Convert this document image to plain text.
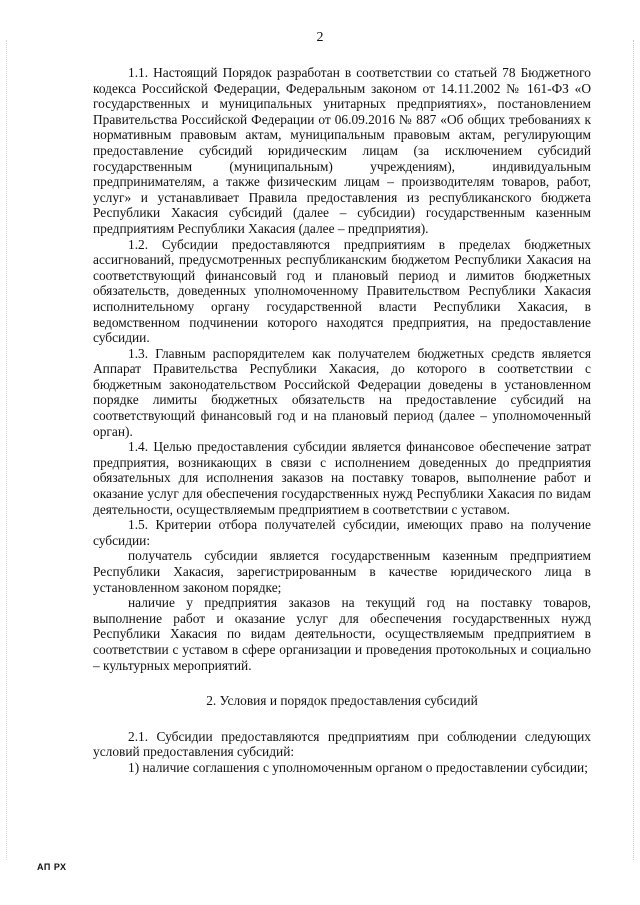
2

1.1. Настоящий Порядок разработан в соответствии со статьей 78 Бюджетного кодекса Российской Федерации, Федеральным законом от 14.11.2002 № 161-ФЗ «О государственных и муниципальных унитарных предприятиях», постановлением Правительства Российской Федерации от 06.09.2016 № 887 «Об общих требованиях к нормативным правовым актам, муниципальным правовым актам, регулирующим предоставление субсидий юридическим лицам (за исключением субсидий государственным (муниципальным) учреждениям), индивидуальным предпринимателям, а также физическим лицам – производителям товаров, работ, услуг» и устанавливает Правила предоставления из республиканского бюджета Республики Хакасия субсидий (далее – субсидии) государственным казенным предприятиям Республики Хакасия (далее – предприятия).

1.2. Субсидии предоставляются предприятиям в пределах бюджетных ассигнований, предусмотренных республиканским бюджетом Республики Хакасия на соответствующий финансовый год и плановый период и лимитов бюджетных обязательств, доведенных уполномоченному Правительством Республики Хакасия исполнительному органу государственной власти Республики Хакасия, в ведомственном подчинении которого находятся предприятия, на предоставление субсидии.

1.3. Главным распорядителем как получателем бюджетных средств является Аппарат Правительства Республики Хакасия, до которого в соответствии с бюджетным законодательством Российской Федерации доведены в установленном порядке лимиты бюджетных обязательств на предоставление субсидий на соответствующий финансовый год и на плановый период (далее – уполномоченный орган).

1.4. Целью предоставления субсидии является финансовое обеспечение затрат предприятия, возникающих в связи с исполнением доведенных до предприятия обязательных для исполнения заказов на поставку товаров, выполнение работ и оказание услуг для обеспечения государственных нужд Республики Хакасия по видам деятельности, осуществляемым предприятием в соответствии с уставом.

1.5. Критерии отбора получателей субсидии, имеющих право на получение субсидии:

получатель субсидии является государственным казенным предприятием Республики Хакасия, зарегистрированным в качестве юридического лица в установленном законом порядке;

наличие у предприятия заказов на текущий год на поставку товаров, выполнение работ и оказание услуг для обеспечения государственных нужд Республики Хакасия по видам деятельности, осуществляемым предприятием в соответствии с уставом в сфере организации и проведения протокольных и социально – культурных мероприятий.

2. Условия и порядок предоставления субсидий

2.1. Субсидии предоставляются предприятиям при соблюдении следующих условий предоставления субсидий:

1) наличие соглашения с уполномоченным органом о предоставлении субсидии;

АП РХ
